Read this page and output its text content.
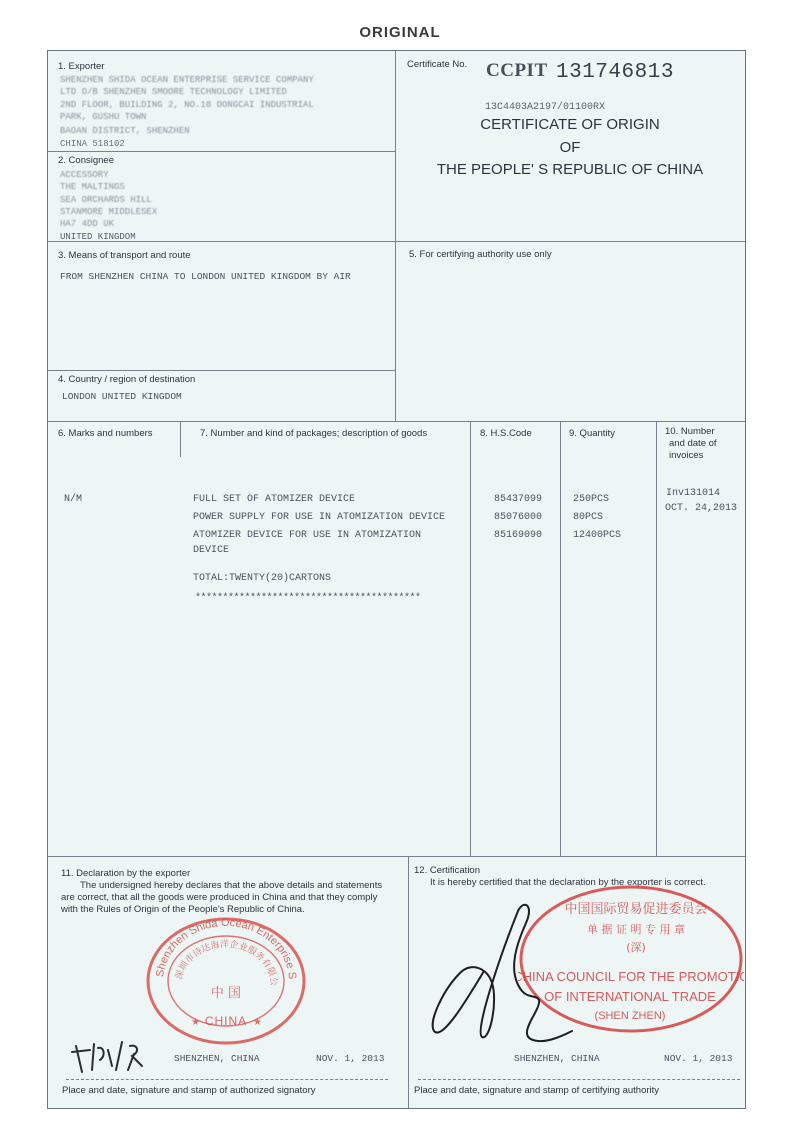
ORIGINAL
1. Exporter
SHENZHEN SHIDA OCEAN ENTERPRISE SERVICE COMPANY
LTD O/B SHENZHEN SMOORE TECHNOLOGY LIMITED
2ND FLOOR, BUILDING 2, NO.18 DONGCAI INDUSTRIAL
PARK, GUSHU TOWN
BAOAN DISTRICT, SHENZHEN
CHINA 518102
2. Consignee
ACCESSORY
THE MALTINGS
SEA ORCHARDS HILL
STANMORE MIDDLESEX
HA7 4DD UK
UNITED KINGDOM
Certificate No. CCPIT 131746813
13C4403A2197/01100RX
CERTIFICATE OF ORIGIN
OF
THE PEOPLE' S REPUBLIC OF CHINA
3. Means of transport and route
FROM SHENZHEN CHINA TO LONDON UNITED KINGDOM BY AIR
4. Country / region of destination
LONDON UNITED KINGDOM
5. For certifying authority use only
6. Marks and numbers	7. Number and kind of packages; description of goods	8. H.S.Code	9. Quantity	10. Number
and date of
invoices
N/M	FULL SET OF ATOMIZER DEVICE	85437099	250PCS
POWER SUPPLY FOR USE IN ATOMIZATION DEVICE	85076000	80PCS
ATOMIZER DEVICE FOR USE IN ATOMIZATION
DEVICE
85169090	12400PCS
TOTAL:TWENTY(20)CARTONS
*****************************************
Inv131014
OCT. 24,2013
11. Declaration by the exporter
The undersigned hereby declares that the above details and statements
are correct, that all the goods were produced in China and that they comply
with the Rules of Origin of the People's Republic of China.
Shenzhen Shida Ocean Enterprise S
深圳市诗达海洋企业服务有限公
中 国
CHINA
★	★
SHENZHEN, CHINA	NOV. 1, 2013
Place and date, signature and stamp of authorized signatory
12. Certification
It is hereby certified that the declaration by the exporter is correct.
中国国际贸易促进委员会
单 据 证 明 专 用 章
(深)
CHINA COUNCIL FOR THE PROMOTION
OF INTERNATIONAL TRADE
(SHEN ZHEN)
SHENZHEN, CHINA	NOV. 1, 2013
Place and date, signature and stamp of certifying authority
